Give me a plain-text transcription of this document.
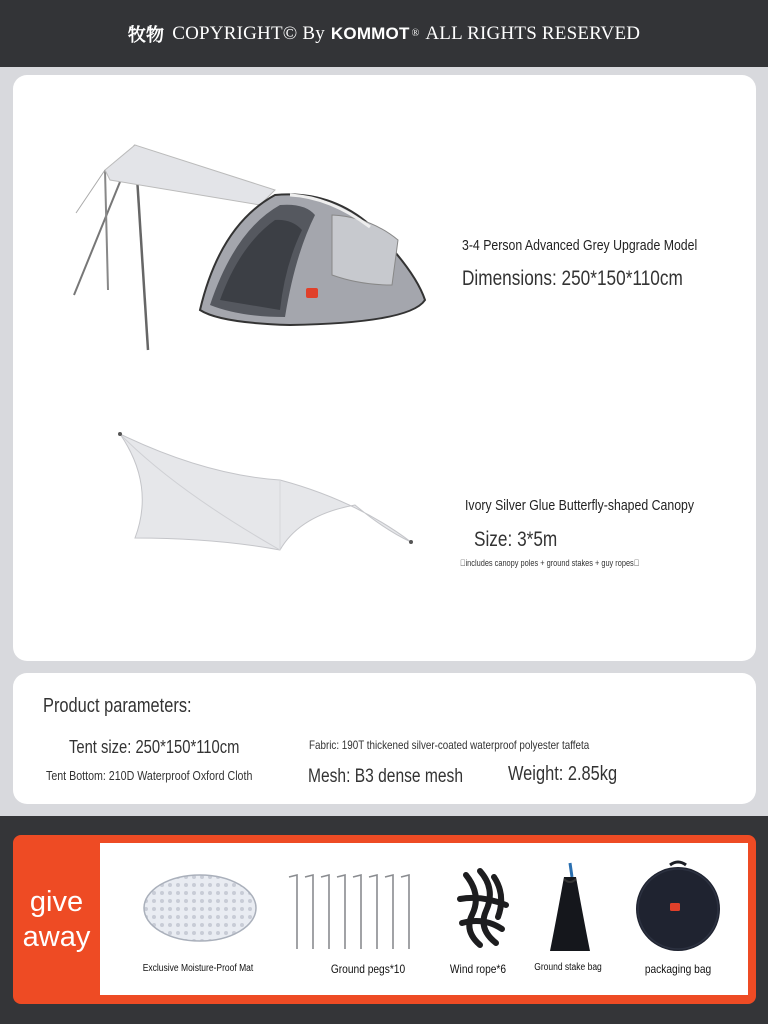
牧物 COPYRIGHT© By KOMMOT ® ALL RIGHTS RESERVED
3-4 Person Advanced Grey Upgrade Model
Dimensions: 250*150*110cm
Ivory Silver Glue Butterfly-shaped Canopy
Size: 3*5m
 includes canopy poles + ground stakes + guy ropes 
Product parameters:
Tent size: 250*150*110cm	Fabric: 190T thickened silver-coated waterproof polyester taffeta
Tent Bottom: 210D Waterproof Oxford Cloth	Mesh: B3 dense mesh Weight: 2.85kg
give
away
Exclusive Moisture-Proof Mat	Ground pegs*10	Wind rope*6	Ground stake bag	packaging bag
